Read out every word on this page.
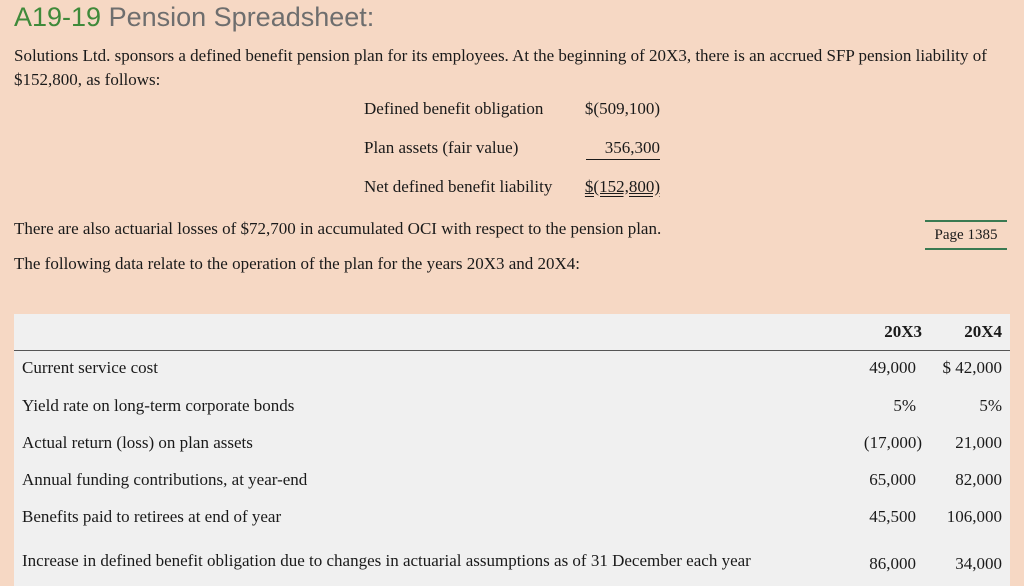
A19-19 Pension Spreadsheet:
Solutions Ltd. sponsors a defined benefit pension plan for its employees. At the beginning of 20X3, there is an accrued SFP pension liability of $152,800, as follows:
Defined benefit obligation $(509,100)
Plan assets (fair value)	356,300
Net defined benefit liability $(152,800)
There are also actuarial losses of $72,700 in accumulated OCI with respect to the pension plan.
The following data relate to the operation of the plan for the years 20X3 and 20X4:
Page 1385
20X3 20X4
Current service cost	49,000 $ 42,000
Yield rate on long-term corporate bonds	5%	5%
Actual return (loss) on plan assets	(17,000) 21,000
Annual funding contributions, at year-end	65,000 82,000
Benefits paid to retirees at end of year	45,500 106,000
Increase in defined benefit obligation due to changes in actuarial assumptions as of 31 December each year	86,000 34,000
